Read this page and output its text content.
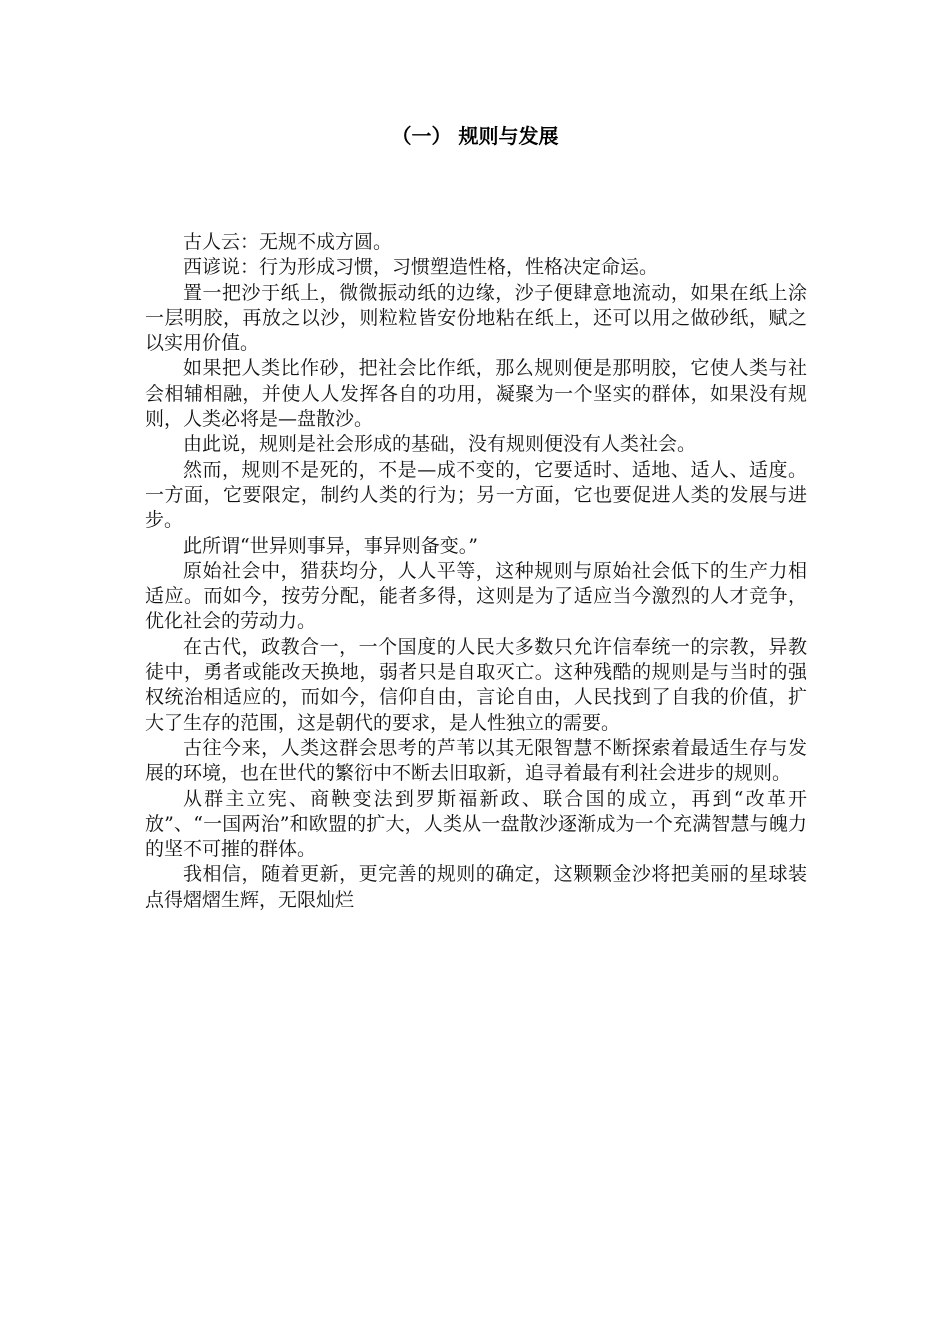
（一） 规则与发展

古人云：无规不成方圆。

西谚说：行为形成习惯，习惯塑造性格，性格决定命运。

置一把沙于纸上，微微振动纸的边缘，沙子便肆意地流动，如果在纸上涂一层明胶，再放之以沙，则粒粒皆安份地粘在纸上，还可以用之做砂纸，赋之以实用价值。

如果把人类比作砂，把社会比作纸，那么规则便是那明胶，它使人类与社会相辅相融，并使人人发挥各自的功用，凝聚为一个坚实的群体，如果没有规则，人类必将是—盘散沙。

由此说，规则是社会形成的基础，没有规则便没有人类社会。

然而，规则不是死的，不是—成不变的，它要适时、适地、适人、适度。一方面，它要限定，制约人类的行为；另一方面，它也要促进人类的发展与进步。

此所谓“世异则事异，事异则备变。”

原始社会中，猎获均分，人人平等，这种规则与原始社会低下的生产力相适应。而如今，按劳分配，能者多得，这则是为了适应当今激烈的人才竞争，优化社会的劳动力。

在古代，政教合一，一个国度的人民大多数只允许信奉统一的宗教，异教徒中，勇者或能改天换地，弱者只是自取灭亡。这种残酷的规则是与当时的强权统治相适应的，而如今，信仰自由，言论自由，人民找到了自我的价值，扩大了生存的范围，这是朝代的要求，是人性独立的需要。

古往今来，人类这群会思考的芦苇以其无限智慧不断探索着最适生存与发展的环境，也在世代的繁衍中不断去旧取新，追寻着最有利社会进步的规则。

从群主立宪、商鞅变法到罗斯福新政、联合国的成立，再到“改革开放”、“一国两治”和欧盟的扩大，人类从一盘散沙逐渐成为一个充满智慧与魄力的坚不可摧的群体。

我相信，随着更新，更完善的规则的确定，这颗颗金沙将把美丽的星球装点得熠熠生辉，无限灿烂
